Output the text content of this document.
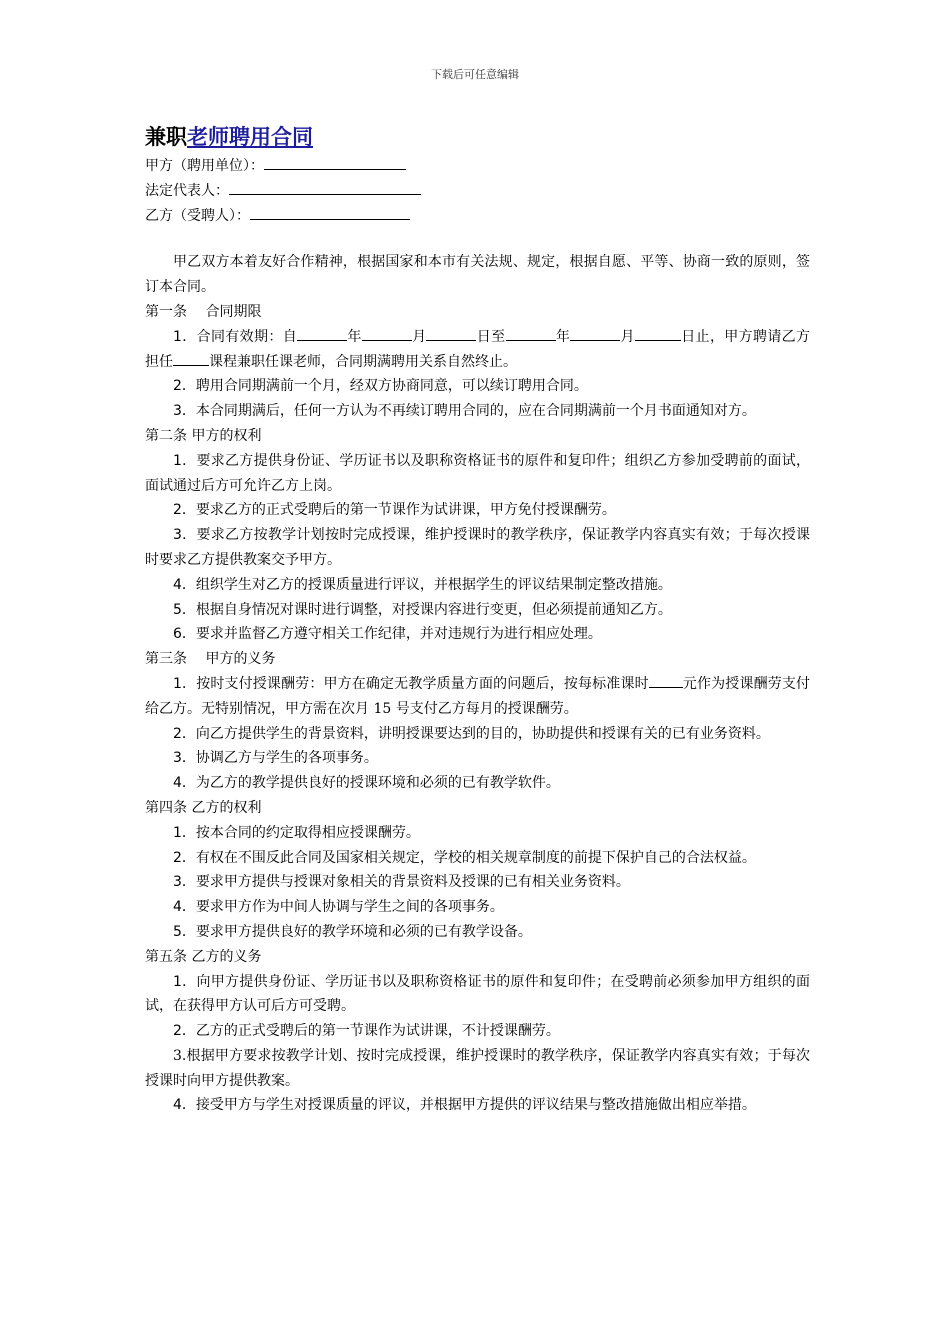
下载后可任意编辑
兼职老师聘用合同
甲方（聘用单位）：
法定代表人：
乙方（受聘人）：

甲乙双方本着友好合作精神，根据国家和本市有关法规、规定，根据自愿、平等、协商一致的原则，签订本合同。

第一条　 合同期限

1．合同有效期：自	年	月	日至	年	月	日止，甲方聘请乙方担任	课程兼职任课老师，合同期满聘用关系自然终止。

2．聘用合同期满前一个月，经双方协商同意，可以续订聘用合同。

3．本合同期满后，任何一方认为不再续订聘用合同的，应在合同期满前一个月书面通知对方。

第二条 甲方的权利

1．要求乙方提供身份证、学历证书以及职称资格证书的原件和复印件；组织乙方参加受聘前的面试，面试通过后方可允许乙方上岗。

2．要求乙方的正式受聘后的第一节课作为试讲课，甲方免付授课酬劳。

3．要求乙方按教学计划按时完成授课，维护授课时的教学秩序，保证教学内容真实有效；于每次授课时要求乙方提供教案交予甲方。

4．组织学生对乙方的授课质量进行评议，并根据学生的评议结果制定整改措施。

5．根据自身情况对课时进行调整，对授课内容进行变更，但必须提前通知乙方。

6．要求并监督乙方遵守相关工作纪律，并对违规行为进行相应处理。

第三条　 甲方的义务

1．按时支付授课酬劳：甲方在确定无教学质量方面的问题后，按每标准课时 元作为授课酬劳支付给乙方。无特别情况，甲方需在次月 15 号支付乙方每月的授课酬劳。

2．向乙方提供学生的背景资料，讲明授课要达到的目的，协助提供和授课有关的已有业务资料。

3．协调乙方与学生的各项事务。

4．为乙方的教学提供良好的授课环境和必须的已有教学软件。

第四条 乙方的权利

1．按本合同的约定取得相应授课酬劳。

2．有权在不围反此合同及国家相关规定，学校的相关规章制度的前提下保护自己的合法权益。

3．要求甲方提供与授课对象相关的背景资料及授课的已有相关业务资料。

4．要求甲方作为中间人协调与学生之间的各项事务。

5．要求甲方提供良好的教学环境和必须的已有教学设备。

第五条 乙方的义务

1．向甲方提供身份证、学历证书以及职称资格证书的原件和复印件；在受聘前必须参加甲方组织的面试，在获得甲方认可后方可受聘。

2．乙方的正式受聘后的第一节课作为试讲课，不计授课酬劳。

3.根据甲方要求按教学计划、按时完成授课，维护授课时的教学秩序，保证教学内容真实有效；于每次授课时向甲方提供教案。

4．接受甲方与学生对授课质量的评议，并根据甲方提供的评议结果与整改措施做出相应举措。
